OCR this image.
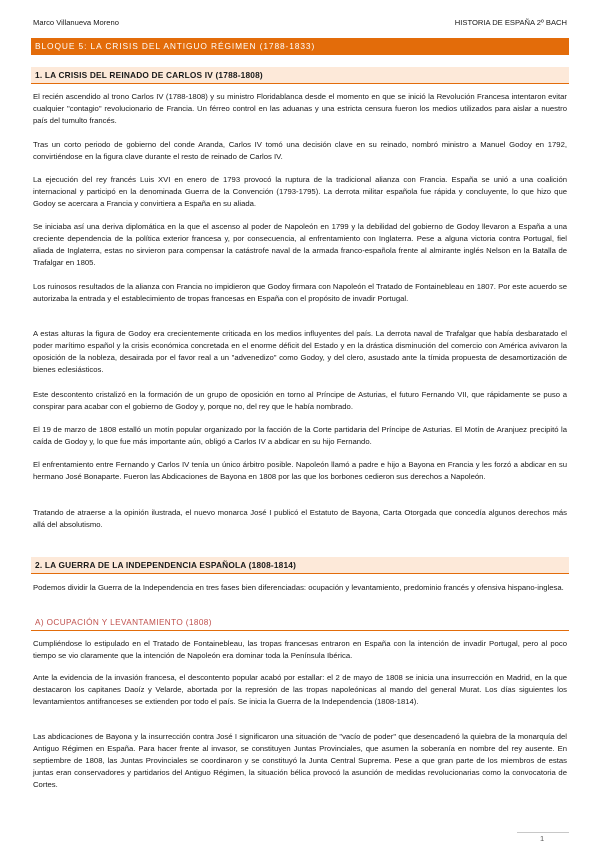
Marco Villanueva Moreno	HISTORIA DE ESPAÑA 2º BACH
BLOQUE 5: LA CRISIS DEL ANTIGUO RÉGIMEN (1788-1833)
1. LA CRISIS DEL REINADO DE CARLOS IV (1788-1808)

El recién ascendido al trono Carlos IV (1788-1808) y su ministro Floridablanca desde el momento en que se inició la Revolución Francesa intentaron evitar cualquier "contagio" revolucionario de Francia. Un férreo control en las aduanas y una estricta censura fueron los medios utilizados para aislar a nuestro país del tumulto francés.

Tras un corto periodo de gobierno del conde Aranda, Carlos IV tomó una decisión clave en su reinado, nombró ministro a Manuel Godoy en 1792, convirtiéndose en la figura clave durante el resto de reinado de Carlos IV.

La ejecución del rey francés Luis XVI en enero de 1793 provocó la ruptura de la tradicional alianza con Francia. España se unió a una coalición internacional y participó en la denominada Guerra de la Convención (1793-1795). La derrota militar española fue rápida y concluyente, lo que hizo que Godoy se acercara a Francia y convirtiera a España en su aliada.

Se iniciaba así una deriva diplomática en la que el ascenso al poder de Napoleón en 1799 y la debilidad del gobierno de Godoy llevaron a España a una creciente dependencia de la política exterior francesa y, por consecuencia, al enfrentamiento con Inglaterra. Pese a alguna victoria contra Portugal, fiel aliada de Inglaterra, estas no sirvieron para compensar la catástrofe naval de la armada franco-española frente al almirante inglés Nelson en la Batalla de Trafalgar en 1805.

Los ruinosos resultados de la alianza con Francia no impidieron que Godoy firmara con Napoleón el Tratado de Fontainebleau en 1807. Por este acuerdo se autorizaba la entrada y el establecimiento de tropas francesas en España con el propósito de invadir Portugal.

A estas alturas la figura de Godoy era crecientemente criticada en los medios influyentes del país. La derrota naval de Trafalgar que había desbaratado el poder marítimo español y la crisis económica concretada en el enorme déficit del Estado y en la drástica disminución del comercio con América avivaron la oposición de la nobleza, desairada por el favor real a un "advenedizo" como Godoy, y del clero, asustado ante la tímida propuesta de desamortización de bienes eclesiásticos.

Este descontento cristalizó en la formación de un grupo de oposición en torno al Príncipe de Asturias, el futuro Fernando VII, que rápidamente se puso a conspirar para acabar con el gobierno de Godoy y, porque no, del rey que le había nombrado.

El 19 de marzo de 1808 estalló un motín popular organizado por la facción de la Corte partidaria del Príncipe de Asturias. El Motín de Aranjuez precipitó la caída de Godoy y, lo que fue más importante aún, obligó a Carlos IV a abdicar en su hijo Fernando.

El enfrentamiento entre Fernando y Carlos IV tenía un único árbitro posible. Napoleón llamó a padre e hijo a Bayona en Francia y les forzó a abdicar en su hermano José Bonaparte. Fueron las Abdicaciones de Bayona en 1808 por las que los borbones cedieron sus derechos a Napoleón.

Tratando de atraerse a la opinión ilustrada, el nuevo monarca José I publicó el Estatuto de Bayona, Carta Otorgada que concedía algunos derechos más allá del absolutismo.

2. LA GUERRA DE LA INDEPENDENCIA ESPAÑOLA (1808-1814)

Podemos dividir la Guerra de la Independencia en tres fases bien diferenciadas: ocupación y levantamiento, predominio francés y ofensiva hispano-inglesa.

A) OCUPACIÓN Y LEVANTAMIENTO (1808)

Cumpliéndose lo estipulado en el Tratado de Fontainebleau, las tropas francesas entraron en España con la intención de invadir Portugal, pero al poco tiempo se vio claramente que la intención de Napoleón era dominar toda la Península Ibérica.

Ante la evidencia de la invasión francesa, el descontento popular acabó por estallar: el 2 de mayo de 1808 se inicia una insurrección en Madrid, en la que destacaron los capitanes Daoíz y Velarde, abortada por la represión de las tropas napoleónicas al mando del general Murat. Los días siguientes los levantamientos antifranceses se extienden por todo el país. Se inicia la Guerra de la Independencia (1808-1814).

Las abdicaciones de Bayona y la insurrección contra José I significaron una situación de "vacío de poder" que desencadenó la quiebra de la monarquía del Antiguo Régimen en España. Para hacer frente al invasor, se constituyen Juntas Provinciales, que asumen la soberanía en nombre del rey ausente. En septiembre de 1808, las Juntas Provinciales se coordinaron y se constituyó la Junta Central Suprema. Pese a que gran parte de los miembros de estas juntas eran conservadores y partidarios del Antiguo Régimen, la situación bélica provocó la asunción de medidas revolucionarias como la convocatoria de Cortes.

1
